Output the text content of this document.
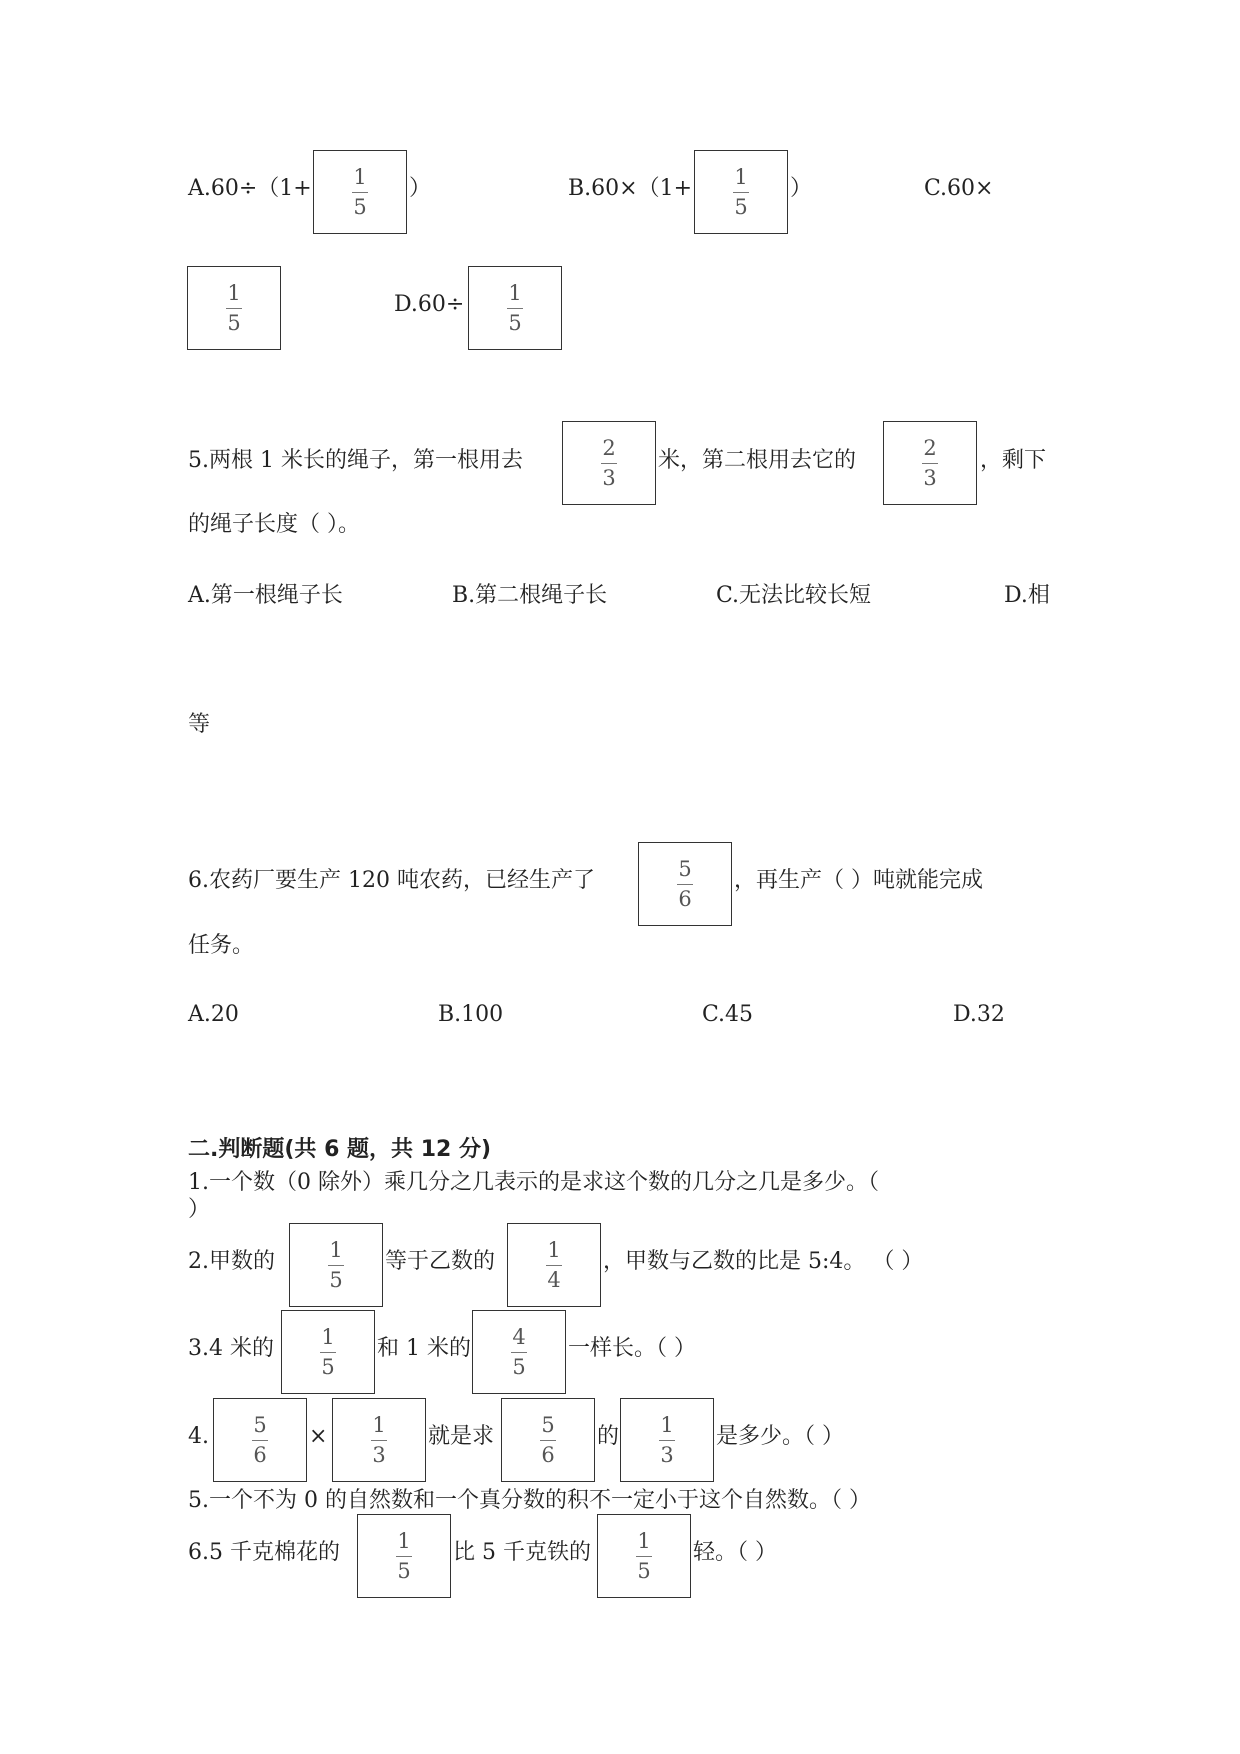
A.60÷（1+ 1
5
）	B.60×（1+ 1
5
）	C.60×
1
5
D.60÷ 1
5
5.两根 1 米长的绳子，第一根用去	2
3
米，第二根用去它的	2
3
，剩下
的绳子长度（ ）。
A.第一根绳子长	B.第二根绳子长	C.无法比较长短	D.相
等
6.农药厂要生产 120 吨农药，已经生产了	5
6
，再生产（ ）吨就能完成
任务。
A.20	B.100	C.45	D.32
二.判断题(共 6 题，共 12 分)
1.一个数（0 除外）乘几分之几表示的是求这个数的几分之几是多少。（
）
2.甲数的	1
5
等于乙数的 1
4
，甲数与乙数的比是 5:4。 （ ）
3.4 米的 1
5
和 1 米的 4
5
一样长。（ ）
4. 5
6
× 1
3
就是求 5
6
的 1
3
是多少。（ ）
5.一个不为 0 的自然数和一个真分数的积不一定小于这个自然数。（ ）
6.5 千克棉花的	1
5
比 5 千克铁的 1
5
轻。（ ）
